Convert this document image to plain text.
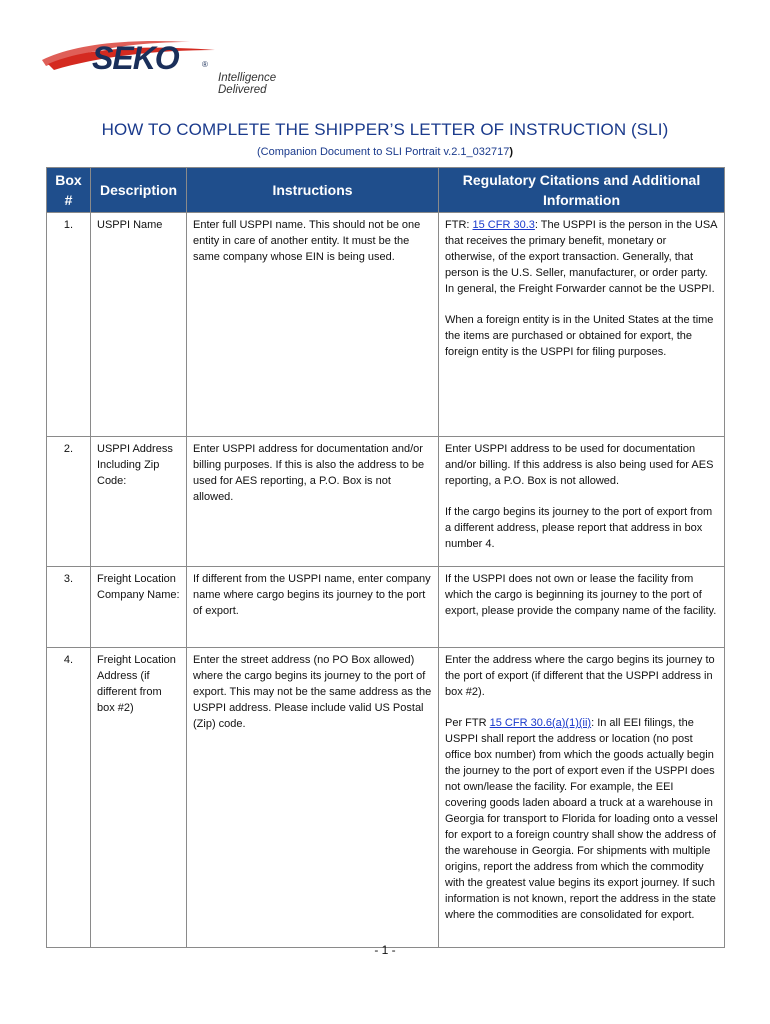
SEKO	®
Intelligence Delivered
HOW TO COMPLETE THE SHIPPER’S LETTER OF INSTRUCTION (SLI)
(Companion Document to SLI Portrait v.2.1_032717)
Box #	Description	Instructions	Regulatory Citations and Additional Information
1.	USPPI Name	Enter full USPPI name. This should not be one entity in care of another entity. It must be the same company whose EIN is being used.	FTR: 15 CFR 30.3: The USPPI is the person in the USA that receives the primary benefit, monetary or otherwise, of the export transaction. Generally, that person is the U.S. Seller, manufacturer, or order party. In general, the Freight Forwarder cannot be the USPPI.

When a foreign entity is in the United States at the time the items are purchased or obtained for export, the foreign entity is the USPPI for filing purposes.

2.	USPPI Address Including Zip Code:	Enter USPPI address for documentation and/or billing purposes. If this is also the address to be used for AES reporting, a P.O. Box is not allowed.	Enter USPPI address to be used for documentation and/or billing. If this address is also being used for AES reporting, a P.O. Box is not allowed.

If the cargo begins its journey to the port of export from a different address, please report that address in box number 4.

3.	Freight Location Company Name:	If different from the USPPI name, enter company name where cargo begins its journey to the port of export.	If the USPPI does not own or lease the facility from which the cargo is beginning its journey to the port of export, please provide the company name of the facility.

4.	Freight Location Address (if different from box #2)	Enter the street address (no PO Box allowed) where the cargo begins its journey to the port of export. This may not be the same address as the USPPI address. Please include valid US Postal (Zip) code.	Enter the address where the cargo begins its journey to the port of export (if different that the USPPI address in box #2).

Per FTR 15 CFR 30.6(a)(1)(ii): In all EEI filings, the USPPI shall report the address or location (no post office box number) from which the goods actually begin the journey to the port of export even if the USPPI does not own/lease the facility. For example, the EEI covering goods laden aboard a truck at a warehouse in Georgia for transport to Florida for loading onto a vessel for export to a foreign country shall show the address of the warehouse in Georgia. For shipments with multiple origins, report the address from which the commodity with the greatest value begins its export journey. If such information is not known, report the address in the state where the commodities are consolidated for export.

- 1 -
